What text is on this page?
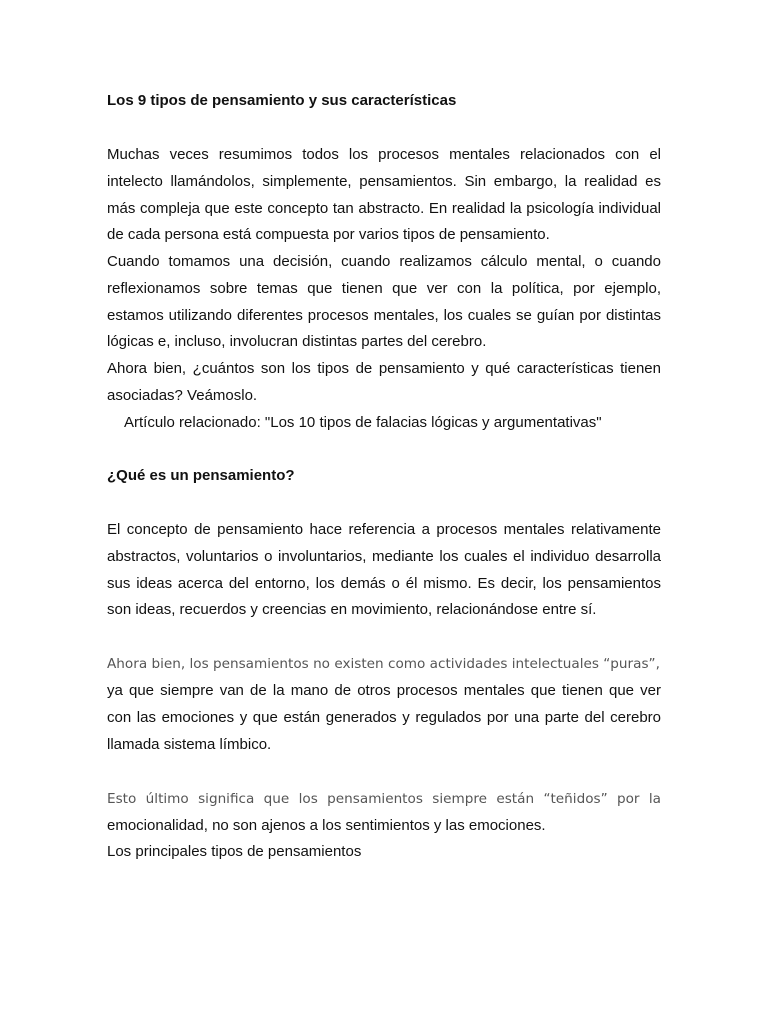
Los 9 tipos de pensamiento y sus características
Muchas veces resumimos todos los procesos mentales relacionados con el
intelecto llamándolos, simplemente, pensamientos. Sin embargo, la realidad es
más compleja que este concepto tan abstracto. En realidad la psicología individual
de cada persona está compuesta por varios tipos de pensamiento.
Cuando tomamos una decisión, cuando realizamos cálculo mental, o cuando
reflexionamos sobre temas que tienen que ver con la política, por ejemplo,
estamos utilizando diferentes procesos mentales, los cuales se guían por distintas
lógicas e, incluso, involucran distintas partes del cerebro.
Ahora bien, ¿cuántos son los tipos de pensamiento y qué características tienen
asociadas? Veámoslo.
Artículo relacionado: "Los 10 tipos de falacias lógicas y argumentativas"
¿Qué es un pensamiento?
El concepto de pensamiento hace referencia a procesos mentales relativamente
abstractos, voluntarios o involuntarios, mediante los cuales el individuo desarrolla
sus ideas acerca del entorno, los demás o él mismo. Es decir, los pensamientos
son ideas, recuerdos y creencias en movimiento, relacionándose entre sí.
Ahora bien, los pensamientos no existen como actividades intelectuales “puras”,
ya que siempre van de la mano de otros procesos mentales que tienen que ver
con las emociones y que están generados y regulados por una parte del cerebro
llamada sistema límbico.
Esto último significa que los pensamientos siempre están “teñidos” por la
emocionalidad, no son ajenos a los sentimientos y las emociones.
Los principales tipos de pensamientos
